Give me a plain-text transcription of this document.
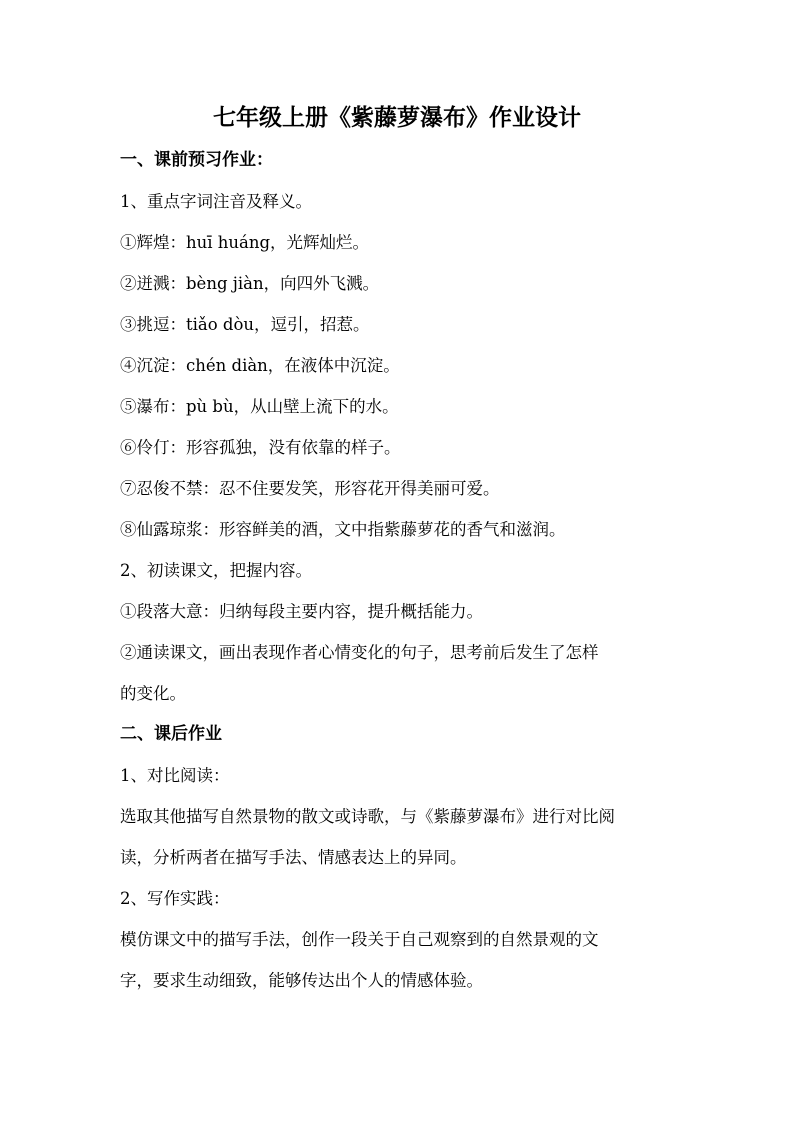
七年级上册《紫藤萝瀑布》作业设计
一、课前预习作业：
1、重点字词注音及释义。
①辉煌：huī huáng，光辉灿烂。
②迸溅：bèng jiàn，向四外飞溅。
③挑逗：tiǎo dòu，逗引，招惹。
④沉淀：chén diàn，在液体中沉淀。
⑤瀑布：pù bù，从山壁上流下的水。
⑥伶仃：形容孤独，没有依靠的样子。
⑦忍俊不禁：忍不住要发笑，形容花开得美丽可爱。
⑧仙露琼浆：形容鲜美的酒，文中指紫藤萝花的香气和滋润。
2、初读课文，把握内容。
①段落大意：归纳每段主要内容，提升概括能力。
②通读课文，画出表现作者心情变化的句子，思考前后发生了怎样
的变化。
二、课后作业
1、对比阅读：
选取其他描写自然景物的散文或诗歌，与《紫藤萝瀑布》进行对比阅
读，分析两者在描写手法、情感表达上的异同。
2、写作实践：
模仿课文中的描写手法，创作一段关于自己观察到的自然景观的文
字，要求生动细致，能够传达出个人的情感体验。
